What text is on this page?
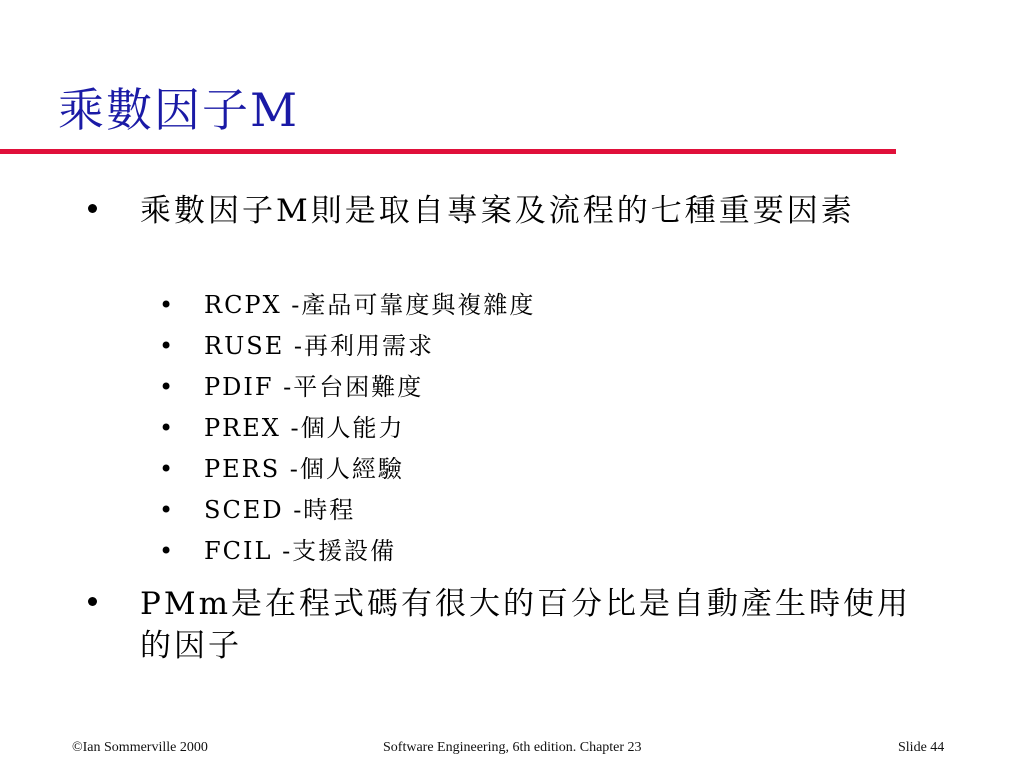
乘數因子M
乘數因子M則是取自專案及流程的七種重要因素
• RCPX -產品可靠度與複雜度
• RUSE -再利用需求
• PDIF -平台困難度
• PREX -個人能力
• PERS -個人經驗
• SCED -時程
• FCIL -支援設備
PMm是在程式碼有很大的百分比是自動產生時使用的因子
©Ian Sommerville 2000	Software Engineering, 6th edition. Chapter 23	Slide 44
